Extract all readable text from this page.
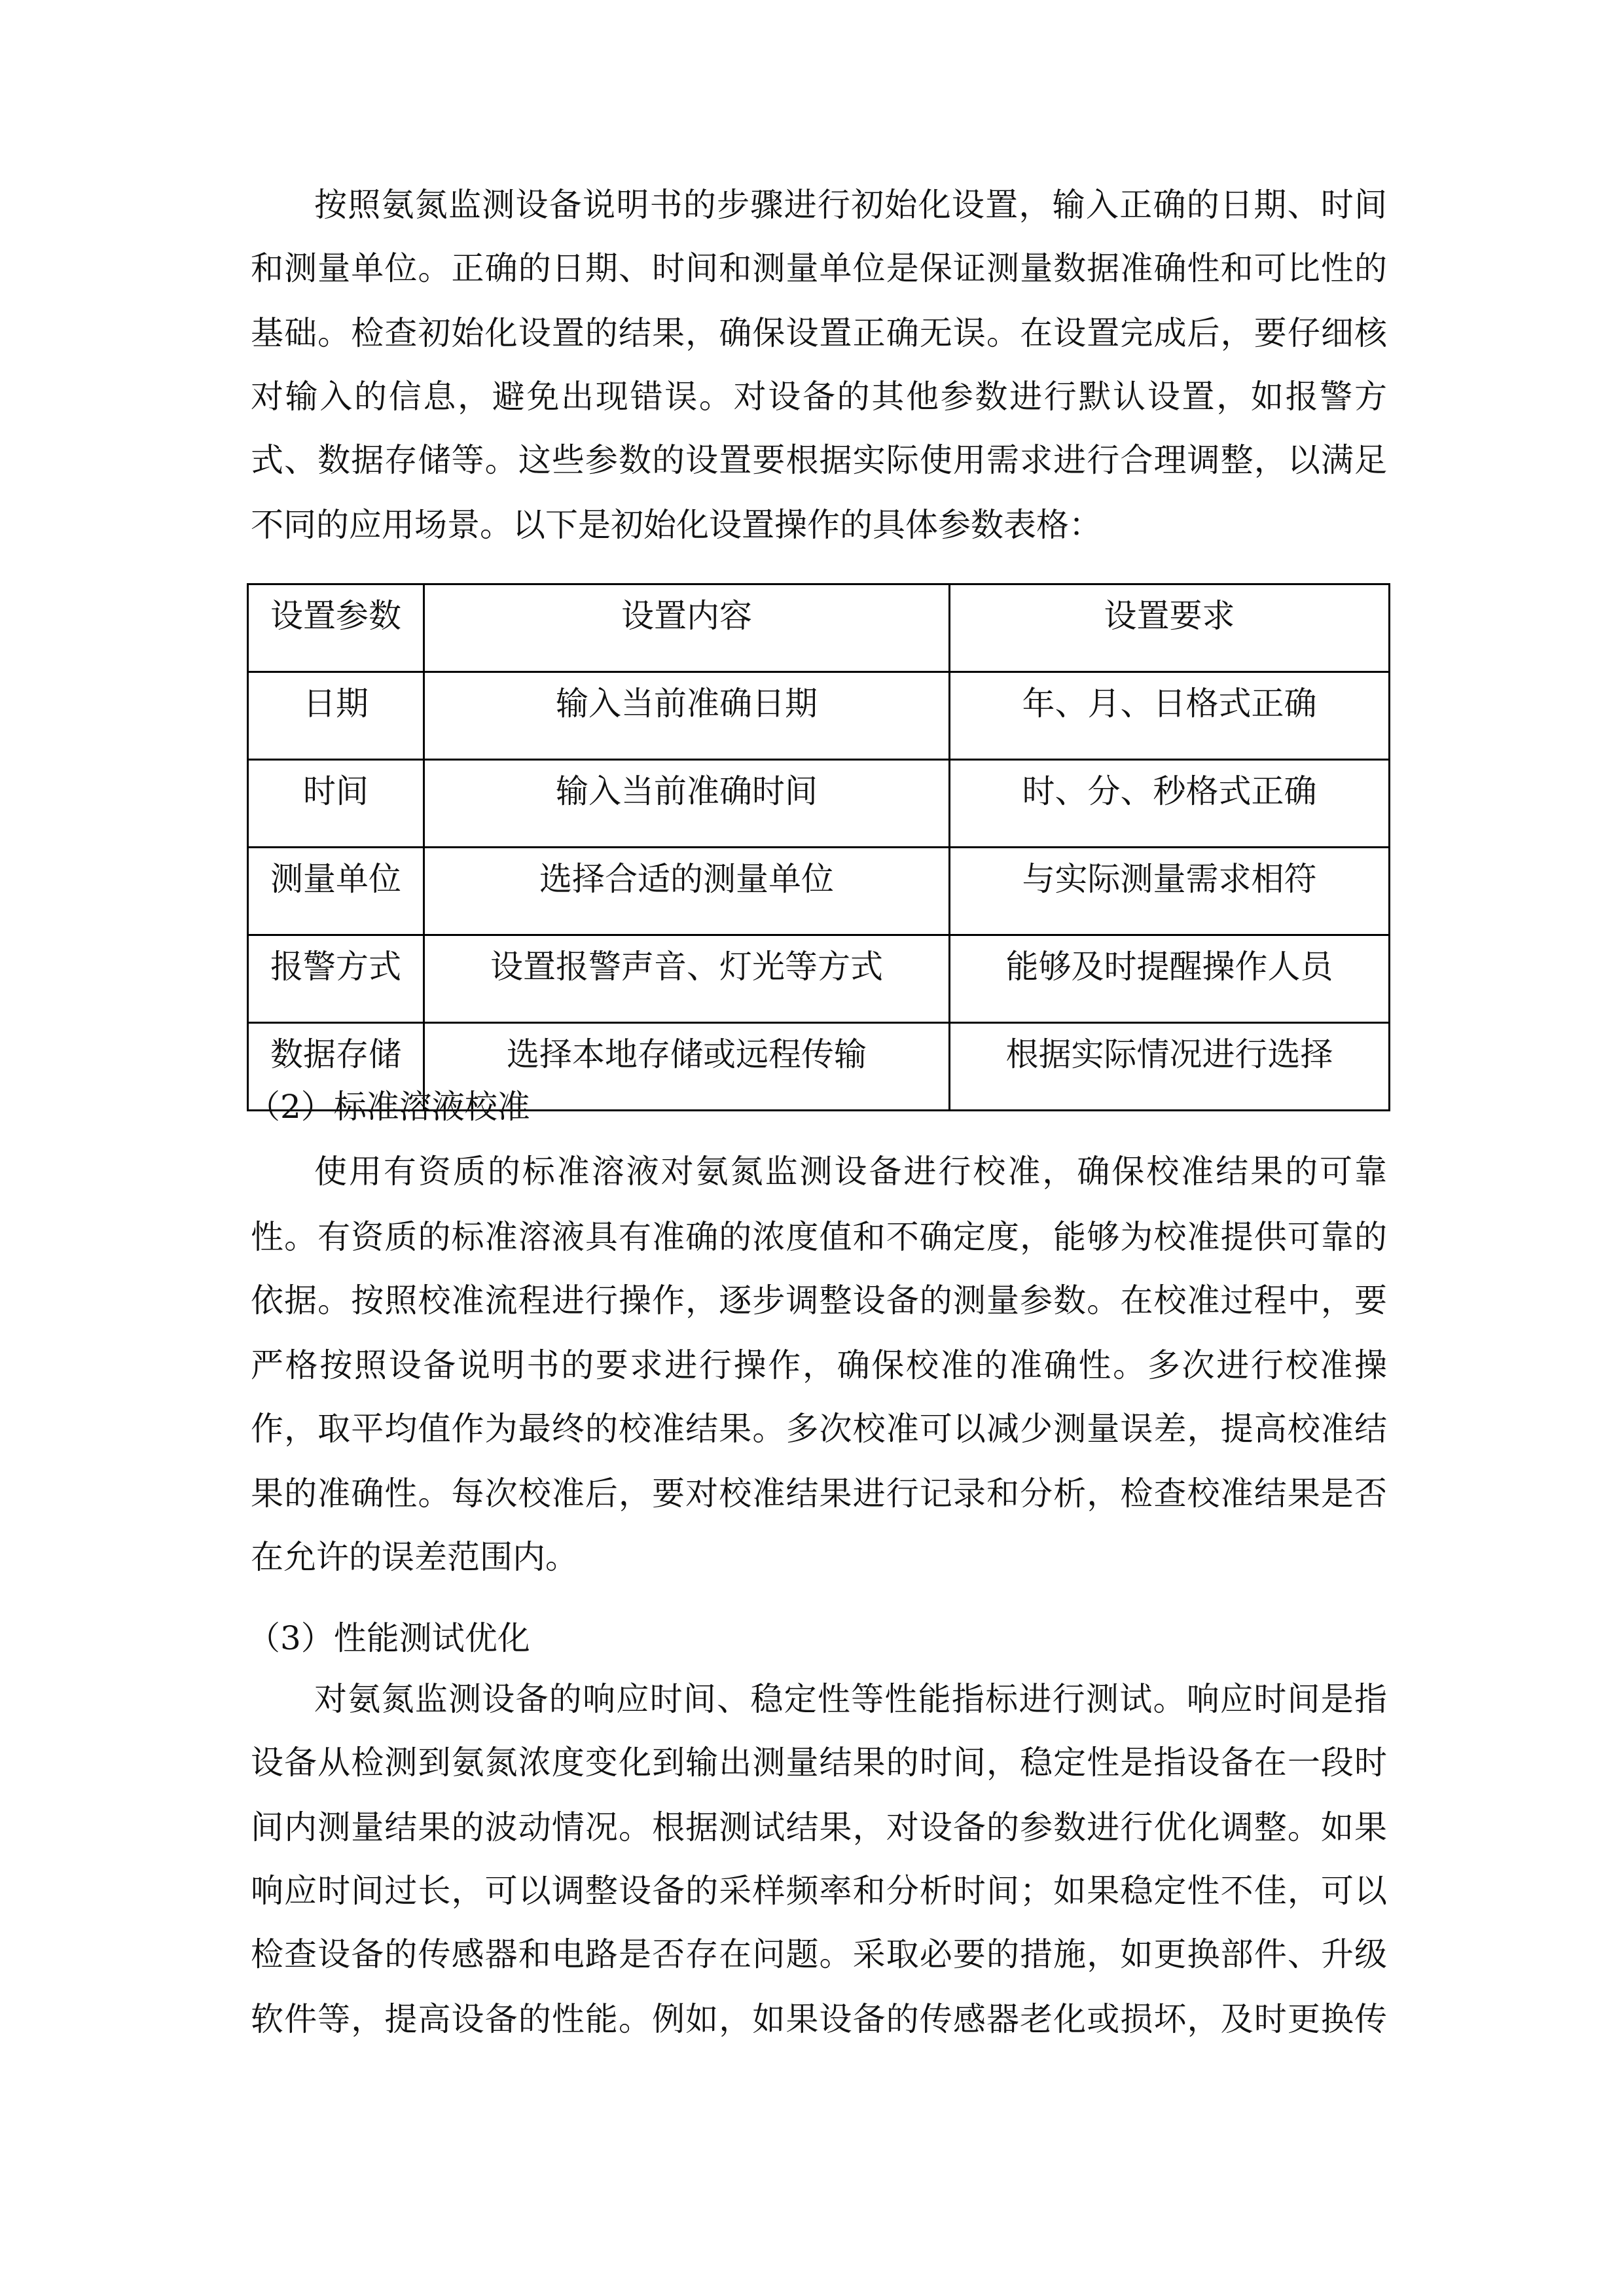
按照氨氮监测设备说明书的步骤进行初始化设置，输入正确的日期、时间
和测量单位。正确的日期、时间和测量单位是保证测量数据准确性和可比性的
基础。检查初始化设置的结果，确保设置正确无误。在设置完成后，要仔细核
对输入的信息，避免出现错误。对设备的其他参数进行默认设置，如报警方
式、数据存储等。这些参数的设置要根据实际使用需求进行合理调整，以满足
不同的应用场景。以下是初始化设置操作的具体参数表格：
设置参数	设置内容	设置要求
日期	输入当前准确日期	年、月、日格式正确
时间	输入当前准确时间	时、分、秒格式正确
测量单位	选择合适的测量单位	与实际测量需求相符
报警方式	设置报警声音、灯光等方式	能够及时提醒操作人员
数据存储	选择本地存储或远程传输	根据实际情况进行选择
（2）标准溶液校准
使用有资质的标准溶液对氨氮监测设备进行校准，确保校准结果的可靠
性。有资质的标准溶液具有准确的浓度值和不确定度，能够为校准提供可靠的
依据。按照校准流程进行操作，逐步调整设备的测量参数。在校准过程中，要
严格按照设备说明书的要求进行操作，确保校准的准确性。多次进行校准操
作，取平均值作为最终的校准结果。多次校准可以减少测量误差，提高校准结
果的准确性。每次校准后，要对校准结果进行记录和分析，检查校准结果是否
在允许的误差范围内。
（3）性能测试优化
对氨氮监测设备的响应时间、稳定性等性能指标进行测试。响应时间是指
设备从检测到氨氮浓度变化到输出测量结果的时间，稳定性是指设备在一段时
间内测量结果的波动情况。根据测试结果，对设备的参数进行优化调整。如果
响应时间过长，可以调整设备的采样频率和分析时间；如果稳定性不佳，可以
检查设备的传感器和电路是否存在问题。采取必要的措施，如更换部件、升级
软件等，提高设备的性能。例如，如果设备的传感器老化或损坏，及时更换传
